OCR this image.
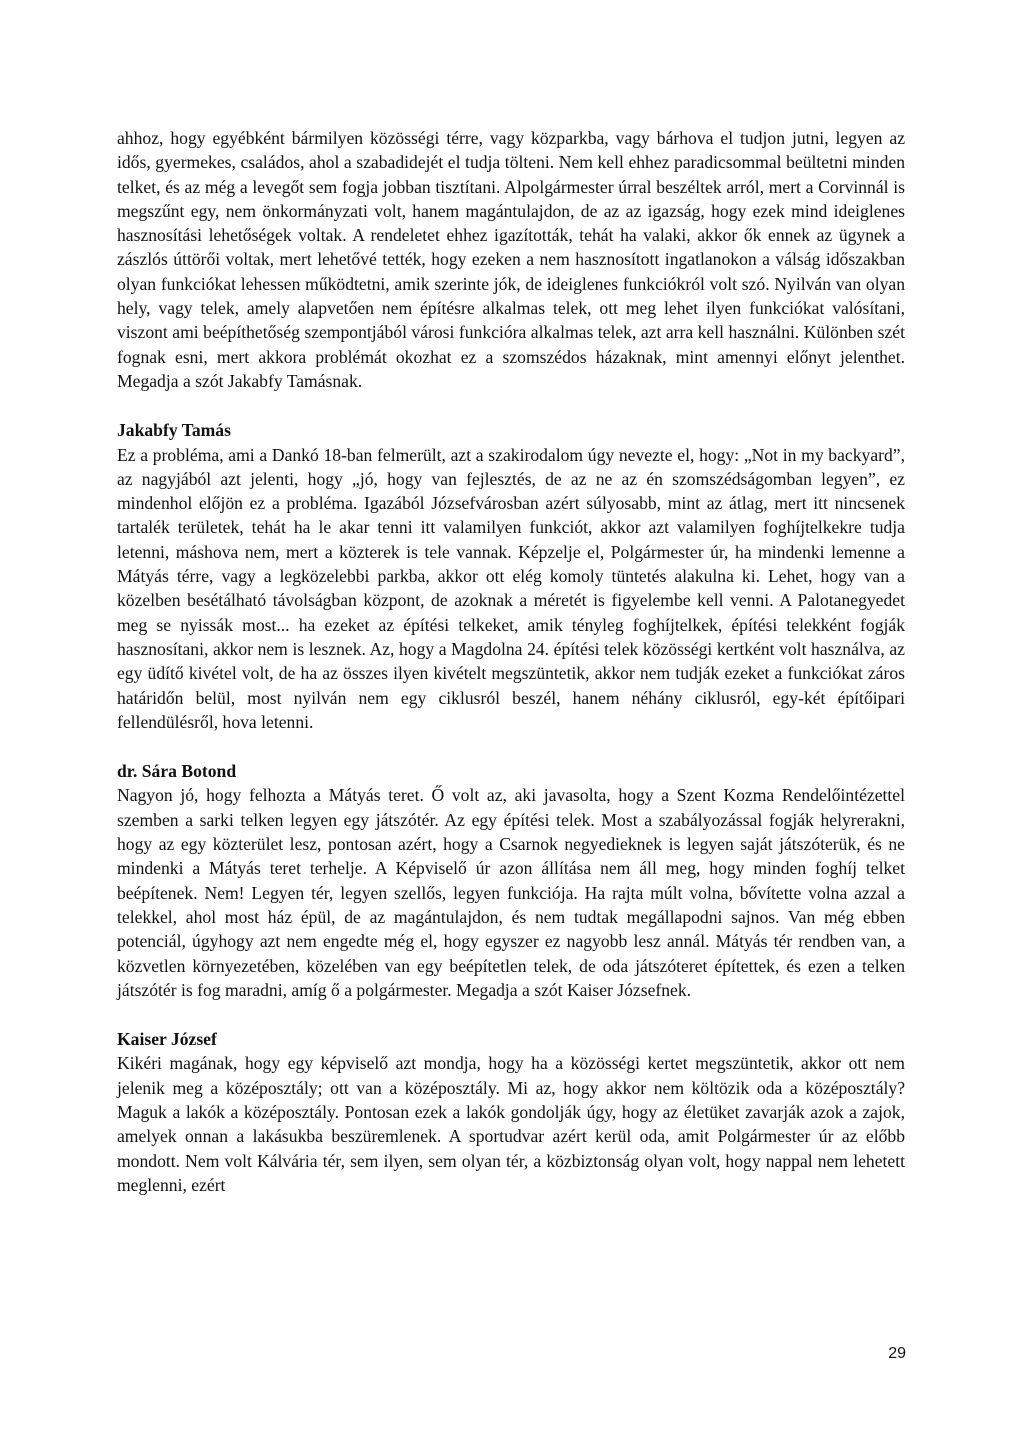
ahhoz, hogy egyébként bármilyen közösségi térre, vagy közparkba, vagy bárhova el tudjon jutni, legyen az idős, gyermekes, családos, ahol a szabadidejét el tudja tölteni. Nem kell ehhez paradicsommal beültetni minden telket, és az még a levegőt sem fogja jobban tisztítani. Alpolgármester úrral beszéltek arról, mert a Corvinnál is megszűnt egy, nem önkormányzati volt, hanem magántulajdon, de az az igazság, hogy ezek mind ideiglenes hasznosítási lehetőségek voltak. A rendeletet ehhez igazították, tehát ha valaki, akkor ők ennek az ügynek a zászlós úttörői voltak, mert lehetővé tették, hogy ezeken a nem hasznosított ingatlanokon a válság időszakban olyan funkciókat lehessen működtetni, amik szerinte jók, de ideiglenes funkciókról volt szó. Nyilván van olyan hely, vagy telek, amely alapvetően nem építésre alkalmas telek, ott meg lehet ilyen funkciókat valósítani, viszont ami beépíthetőség szempontjából városi funkcióra alkalmas telek, azt arra kell használni. Különben szét fognak esni, mert akkora problémát okozhat ez a szomszédos házaknak, mint amennyi előnyt jelenthet. Megadja a szót Jakabfy Tamásnak.

Jakabfy Tamás

Ez a probléma, ami a Dankó 18-ban felmerült, azt a szakirodalom úgy nevezte el, hogy: „Not in my backyard”, az nagyjából azt jelenti, hogy „jó, hogy van fejlesztés, de az ne az én szomszédságomban legyen”, ez mindenhol előjön ez a probléma. Igazából Józsefvárosban azért súlyosabb, mint az átlag, mert itt nincsenek tartalék területek, tehát ha le akar tenni itt valamilyen funkciót, akkor azt valamilyen foghíjtelkekre tudja letenni, máshova nem, mert a közterek is tele vannak. Képzelje el, Polgármester úr, ha mindenki lemenne a Mátyás térre, vagy a legközelebbi parkba, akkor ott elég komoly tüntetés alakulna ki. Lehet, hogy van a közelben besétálható távolságban központ, de azoknak a méretét is figyelembe kell venni. A Palotanegyedet meg se nyissák most... ha ezeket az építési telkeket, amik tényleg foghíjtelkek, építési telekként fogják hasznosítani, akkor nem is lesznek. Az, hogy a Magdolna 24. építési telek közösségi kertként volt használva, az egy üdítő kivétel volt, de ha az összes ilyen kivételt megszüntetik, akkor nem tudják ezeket a funkciókat záros határidőn belül, most nyilván nem egy ciklusról beszél, hanem néhány ciklusról, egy-két építőipari fellendülésről, hova letenni.

dr. Sára Botond

Nagyon jó, hogy felhozta a Mátyás teret. Ő volt az, aki javasolta, hogy a Szent Kozma Rendelőintézettel szemben a sarki telken legyen egy játszótér. Az egy építési telek. Most a szabályozással fogják helyrerakni, hogy az egy közterület lesz, pontosan azért, hogy a Csarnok negyedieknek is legyen saját játszóterük, és ne mindenki a Mátyás teret terhelje. A Képviselő úr azon állítása nem áll meg, hogy minden foghíj telket beépítenek. Nem! Legyen tér, legyen szellős, legyen funkciója. Ha rajta múlt volna, bővítette volna azzal a telekkel, ahol most ház épül, de az magántulajdon, és nem tudtak megállapodni sajnos. Van még ebben potenciál, úgyhogy azt nem engedte még el, hogy egyszer ez nagyobb lesz annál. Mátyás tér rendben van, a közvetlen környezetében, közelében van egy beépítetlen telek, de oda játszóteret építettek, és ezen a telken játszótér is fog maradni, amíg ő a polgármester. Megadja a szót Kaiser Józsefnek.

Kaiser József

Kikéri magának, hogy egy képviselő azt mondja, hogy ha a közösségi kertet megszüntetik, akkor ott nem jelenik meg a középosztály; ott van a középosztály. Mi az, hogy akkor nem költözik oda a középosztály? Maguk a lakók a középosztály. Pontosan ezek a lakók gondolják úgy, hogy az életüket zavarják azok a zajok, amelyek onnan a lakásukba beszüremlenek. A sportudvar azért kerül oda, amit Polgármester úr az előbb mondott. Nem volt Kálvária tér, sem ilyen, sem olyan tér, a közbiztonság olyan volt, hogy nappal nem lehetett meglenni, ezért

29
